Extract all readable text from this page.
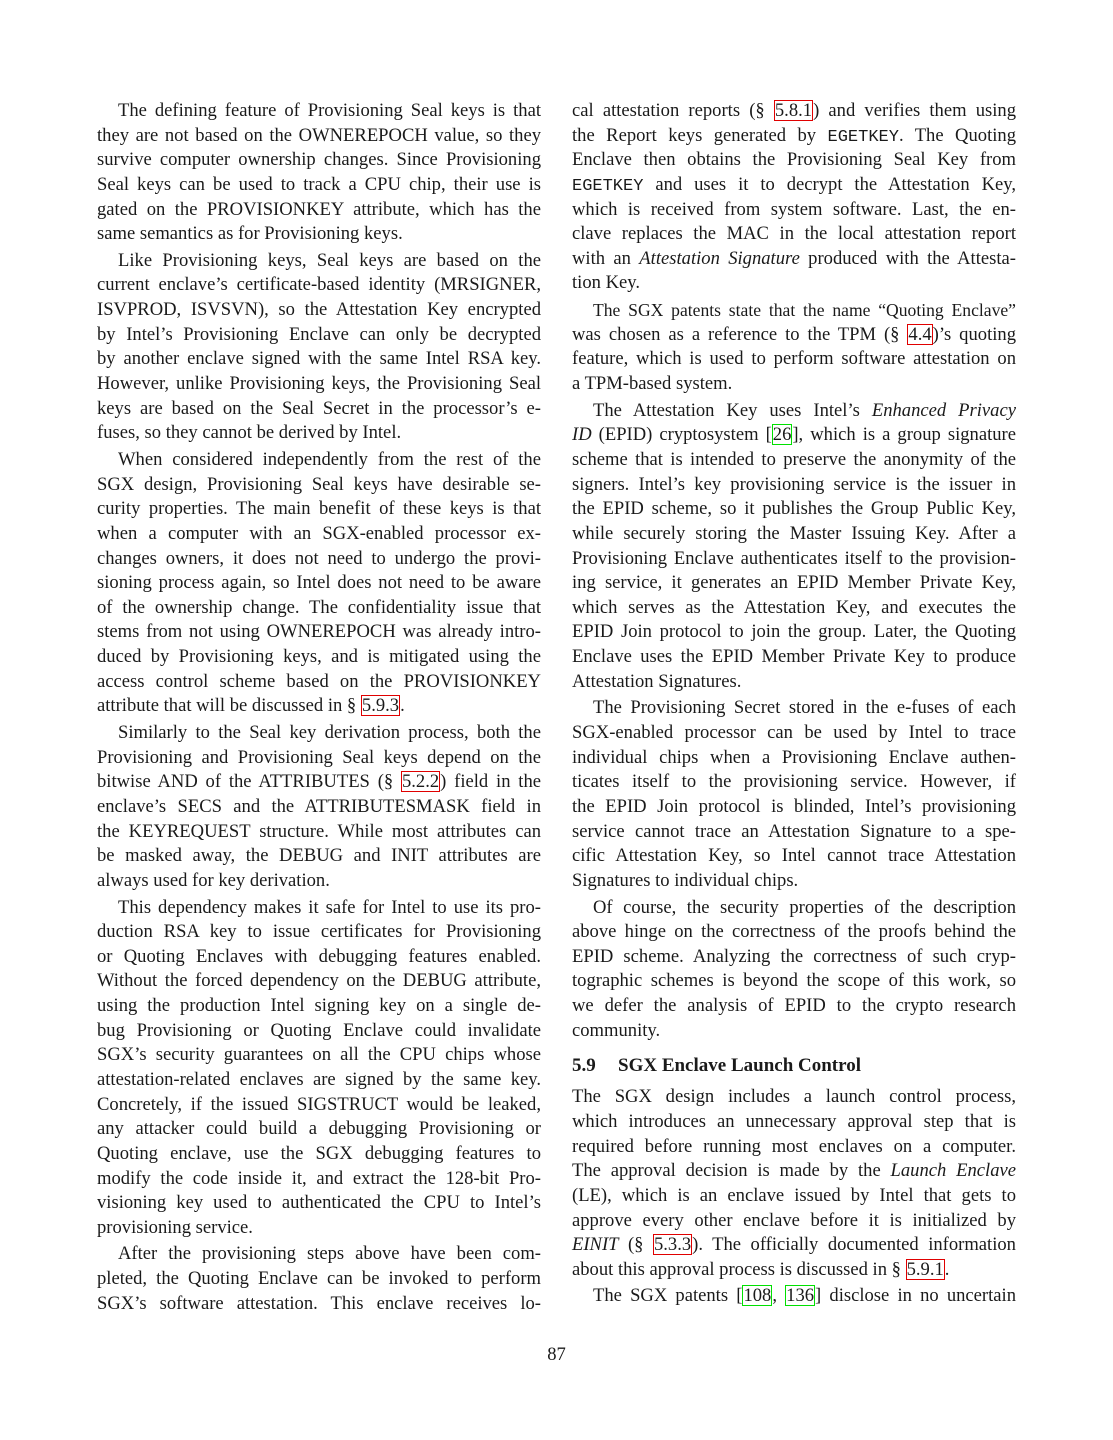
The defining feature of Provisioning Seal keys is that
they are not based on the OWNEREPOCH value, so they
survive computer ownership changes. Since Provisioning
Seal keys can be used to track a CPU chip, their use is
gated on the PROVISIONKEY attribute, which has the
same semantics as for Provisioning keys.
Like Provisioning keys, Seal keys are based on the
current enclave’s certificate-based identity (MRSIGNER,
ISVPROD, ISVSVN), so the Attestation Key encrypted
by Intel’s Provisioning Enclave can only be decrypted
by another enclave signed with the same Intel RSA key.
However, unlike Provisioning keys, the Provisioning Seal
keys are based on the Seal Secret in the processor’s e-
fuses, so they cannot be derived by Intel.
When considered independently from the rest of the
SGX design, Provisioning Seal keys have desirable se-
curity properties. The main benefit of these keys is that
when a computer with an SGX-enabled processor ex-
changes owners, it does not need to undergo the provi-
sioning process again, so Intel does not need to be aware
of the ownership change. The confidentiality issue that
stems from not using OWNEREPOCH was already intro-
duced by Provisioning keys, and is mitigated using the
access control scheme based on the PROVISIONKEY
attribute that will be discussed in § 5.9.3.
Similarly to the Seal key derivation process, both the
Provisioning and Provisioning Seal keys depend on the
bitwise AND of the ATTRIBUTES (§ 5.2.2) field in the
enclave’s SECS and the ATTRIBUTESMASK field in
the KEYREQUEST structure. While most attributes can
be masked away, the DEBUG and INIT attributes are
always used for key derivation.
This dependency makes it safe for Intel to use its pro-
duction RSA key to issue certificates for Provisioning
or Quoting Enclaves with debugging features enabled.
Without the forced dependency on the DEBUG attribute,
using the production Intel signing key on a single de-
bug Provisioning or Quoting Enclave could invalidate
SGX’s security guarantees on all the CPU chips whose
attestation-related enclaves are signed by the same key.
Concretely, if the issued SIGSTRUCT would be leaked,
any attacker could build a debugging Provisioning or
Quoting enclave, use the SGX debugging features to
modify the code inside it, and extract the 128-bit Pro-
visioning key used to authenticated the CPU to Intel’s
provisioning service.
After the provisioning steps above have been com-
pleted, the Quoting Enclave can be invoked to perform
SGX’s software attestation. This enclave receives lo-
cal attestation reports (§ 5.8.1) and verifies them using
the Report keys generated by EGETKEY. The Quoting
Enclave then obtains the Provisioning Seal Key from
EGETKEY and uses it to decrypt the Attestation Key,
which is received from system software. Last, the en-
clave replaces the MAC in the local attestation report
with an Attestation Signature produced with the Attesta-
tion Key.
The SGX patents state that the name “Quoting Enclave”
was chosen as a reference to the TPM (§ 4.4)’s quoting
feature, which is used to perform software attestation on
a TPM-based system.
The Attestation Key uses Intel’s Enhanced Privacy
ID (EPID) cryptosystem [26], which is a group signature
scheme that is intended to preserve the anonymity of the
signers. Intel’s key provisioning service is the issuer in
the EPID scheme, so it publishes the Group Public Key,
while securely storing the Master Issuing Key. After a
Provisioning Enclave authenticates itself to the provision-
ing service, it generates an EPID Member Private Key,
which serves as the Attestation Key, and executes the
EPID Join protocol to join the group. Later, the Quoting
Enclave uses the EPID Member Private Key to produce
Attestation Signatures.
The Provisioning Secret stored in the e-fuses of each
SGX-enabled processor can be used by Intel to trace
individual chips when a Provisioning Enclave authen-
ticates itself to the provisioning service. However, if
the EPID Join protocol is blinded, Intel’s provisioning
service cannot trace an Attestation Signature to a spe-
cific Attestation Key, so Intel cannot trace Attestation
Signatures to individual chips.
Of course, the security properties of the description
above hinge on the correctness of the proofs behind the
EPID scheme. Analyzing the correctness of such cryp-
tographic schemes is beyond the scope of this work, so
we defer the analysis of EPID to the crypto research
community.
5.9 SGX Enclave Launch Control
The SGX design includes a launch control process,
which introduces an unnecessary approval step that is
required before running most enclaves on a computer.
The approval decision is made by the Launch Enclave
(LE), which is an enclave issued by Intel that gets to
approve every other enclave before it is initialized by
EINIT (§ 5.3.3). The officially documented information
about this approval process is discussed in § 5.9.1.
The SGX patents [108, 136] disclose in no uncertain
87
